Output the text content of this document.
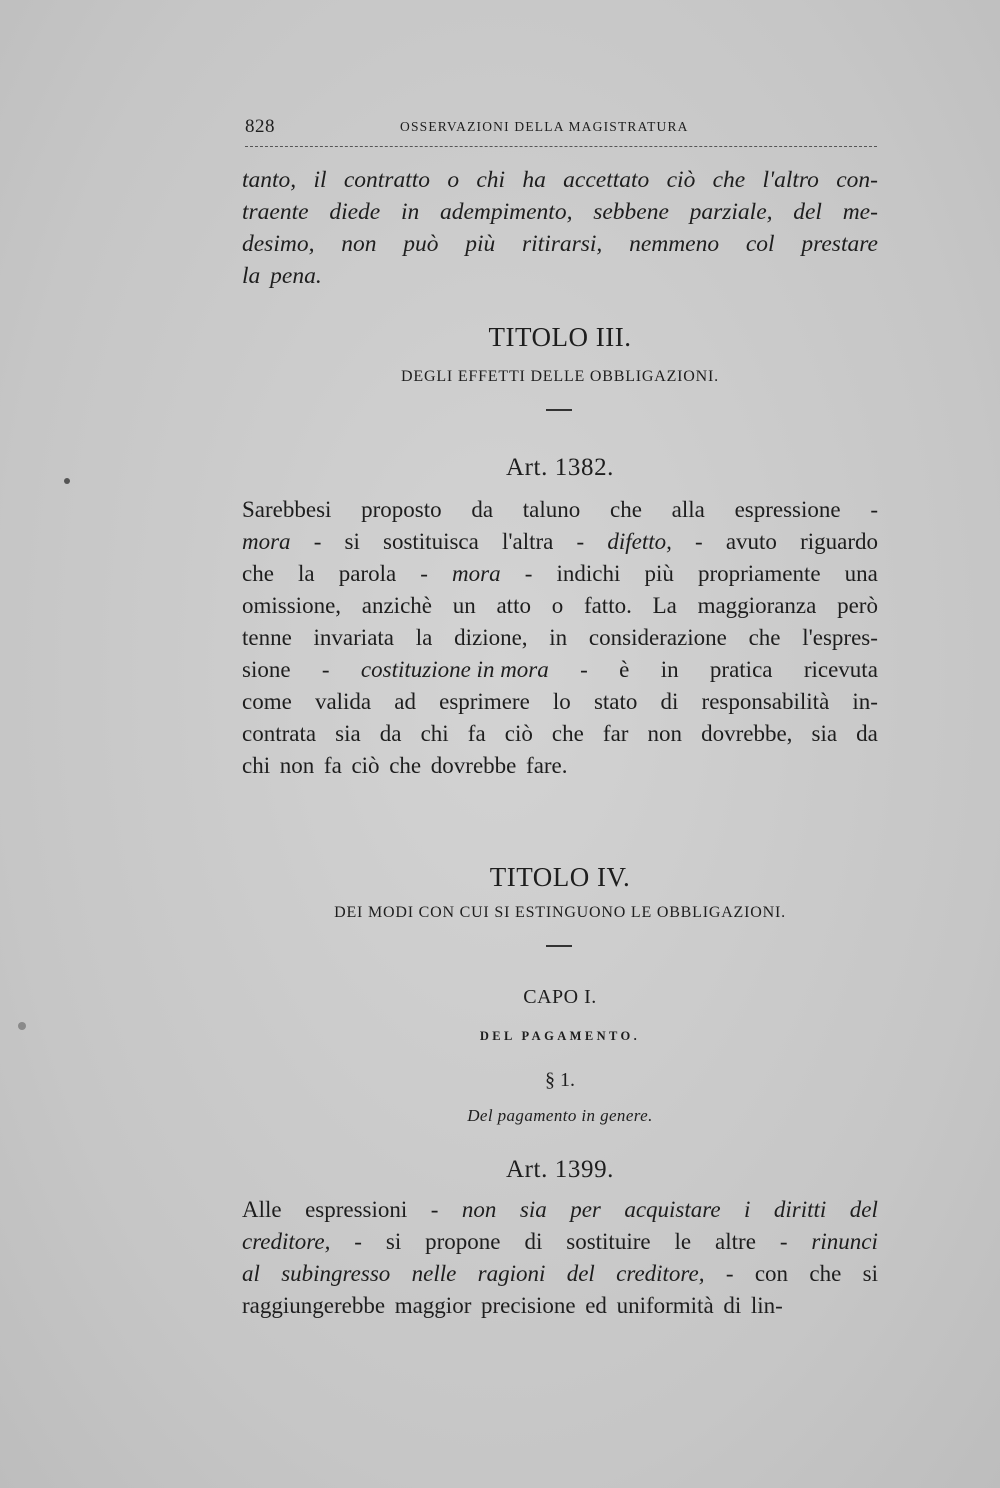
828	OSSERVAZIONI DELLA MAGISTRATURA
tanto, il contratto o chi ha accettato ciò che l'altro con-
traente diede in adempimento, sebbene parziale, del me-
desimo, non può più ritirarsi, nemmeno col prestare
la pena.
TITOLO III.
DEGLI EFFETTI DELLE OBBLIGAZIONI.
Art. 1382.
Sarebbesi proposto da taluno che alla espressione -
mora - si sostituisca l'altra - difetto, - avuto riguardo
che la parola - mora - indichi più propriamente una
omissione, anzichè un atto o fatto. La maggioranza però
tenne invariata la dizione, in considerazione che l'espres-
sione - costituzione in mora - è in pratica ricevuta
come valida ad esprimere lo stato di responsabilità in-
contrata sia da chi fa ciò che far non dovrebbe, sia da
chi non fa ciò che dovrebbe fare.
TITOLO IV.
DEI MODI CON CUI SI ESTINGUONO LE OBBLIGAZIONI.
CAPO I.
DEL PAGAMENTO.
§ 1.
Del pagamento in genere.
Art. 1399.
Alle espressioni - non sia per acquistare i diritti del
creditore, - si propone di sostituire le altre - rinunci
al subingresso nelle ragioni del creditore, - con che si
raggiungerebbe maggior precisione ed uniformità di lin-
